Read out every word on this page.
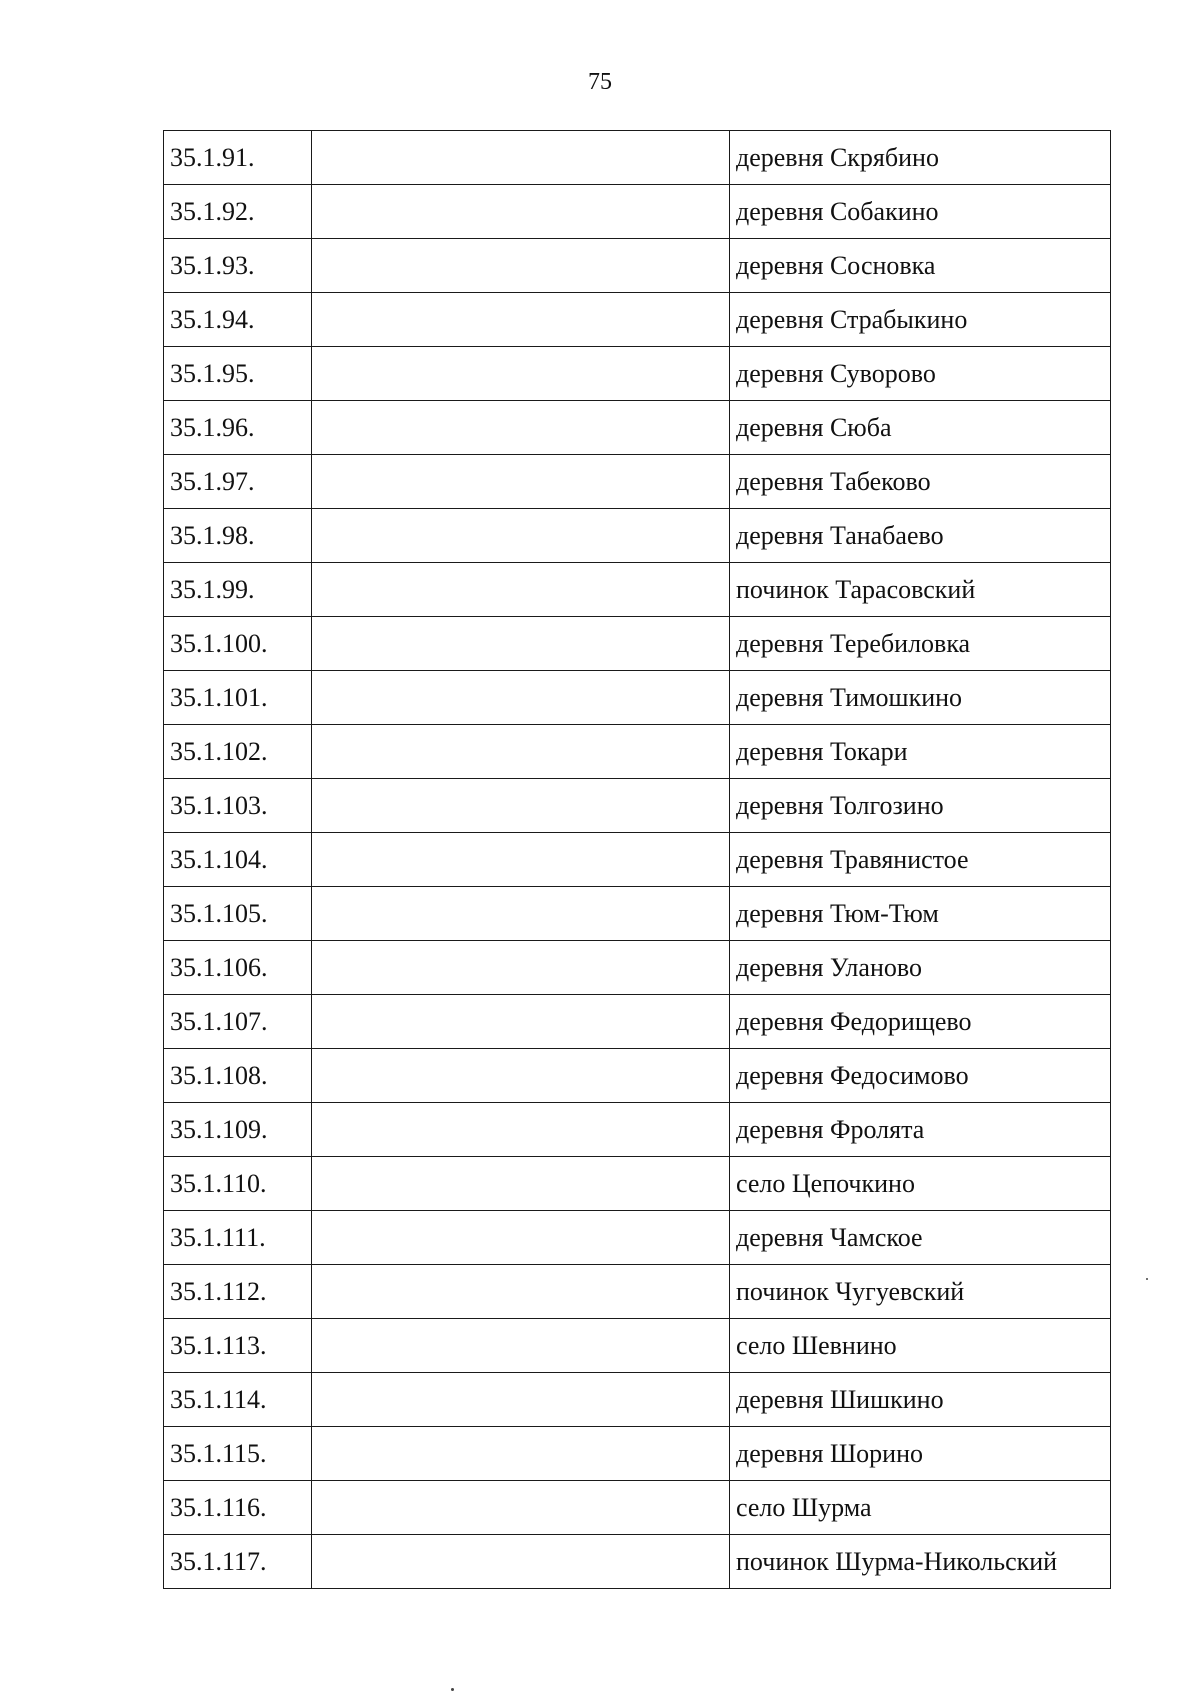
75
35.1.91.		деревня Скрябино
35.1.92.		деревня Собакино
35.1.93.		деревня Сосновка
35.1.94.		деревня Страбыкино
35.1.95.		деревня Суворово
35.1.96.		деревня Сюба
35.1.97.		деревня Табеково
35.1.98.		деревня Танабаево
35.1.99.		починок Тарасовский
35.1.100.		деревня Теребиловка
35.1.101.		деревня Тимошкино
35.1.102.		деревня Токари
35.1.103.		деревня Толгозино
35.1.104.		деревня Травянистое
35.1.105.		деревня Тюм-Тюм
35.1.106.		деревня Уланово
35.1.107.		деревня Федорищево
35.1.108.		деревня Федосимово
35.1.109.		деревня Фролята
35.1.110.		село Цепочкино
35.1.111.		деревня Чамское
35.1.112.		починок Чугуевский
35.1.113.		село Шевнино
35.1.114.		деревня Шишкино
35.1.115.		деревня Шорино
35.1.116.		село Шурма
35.1.117.		починок Шурма-Никольский
